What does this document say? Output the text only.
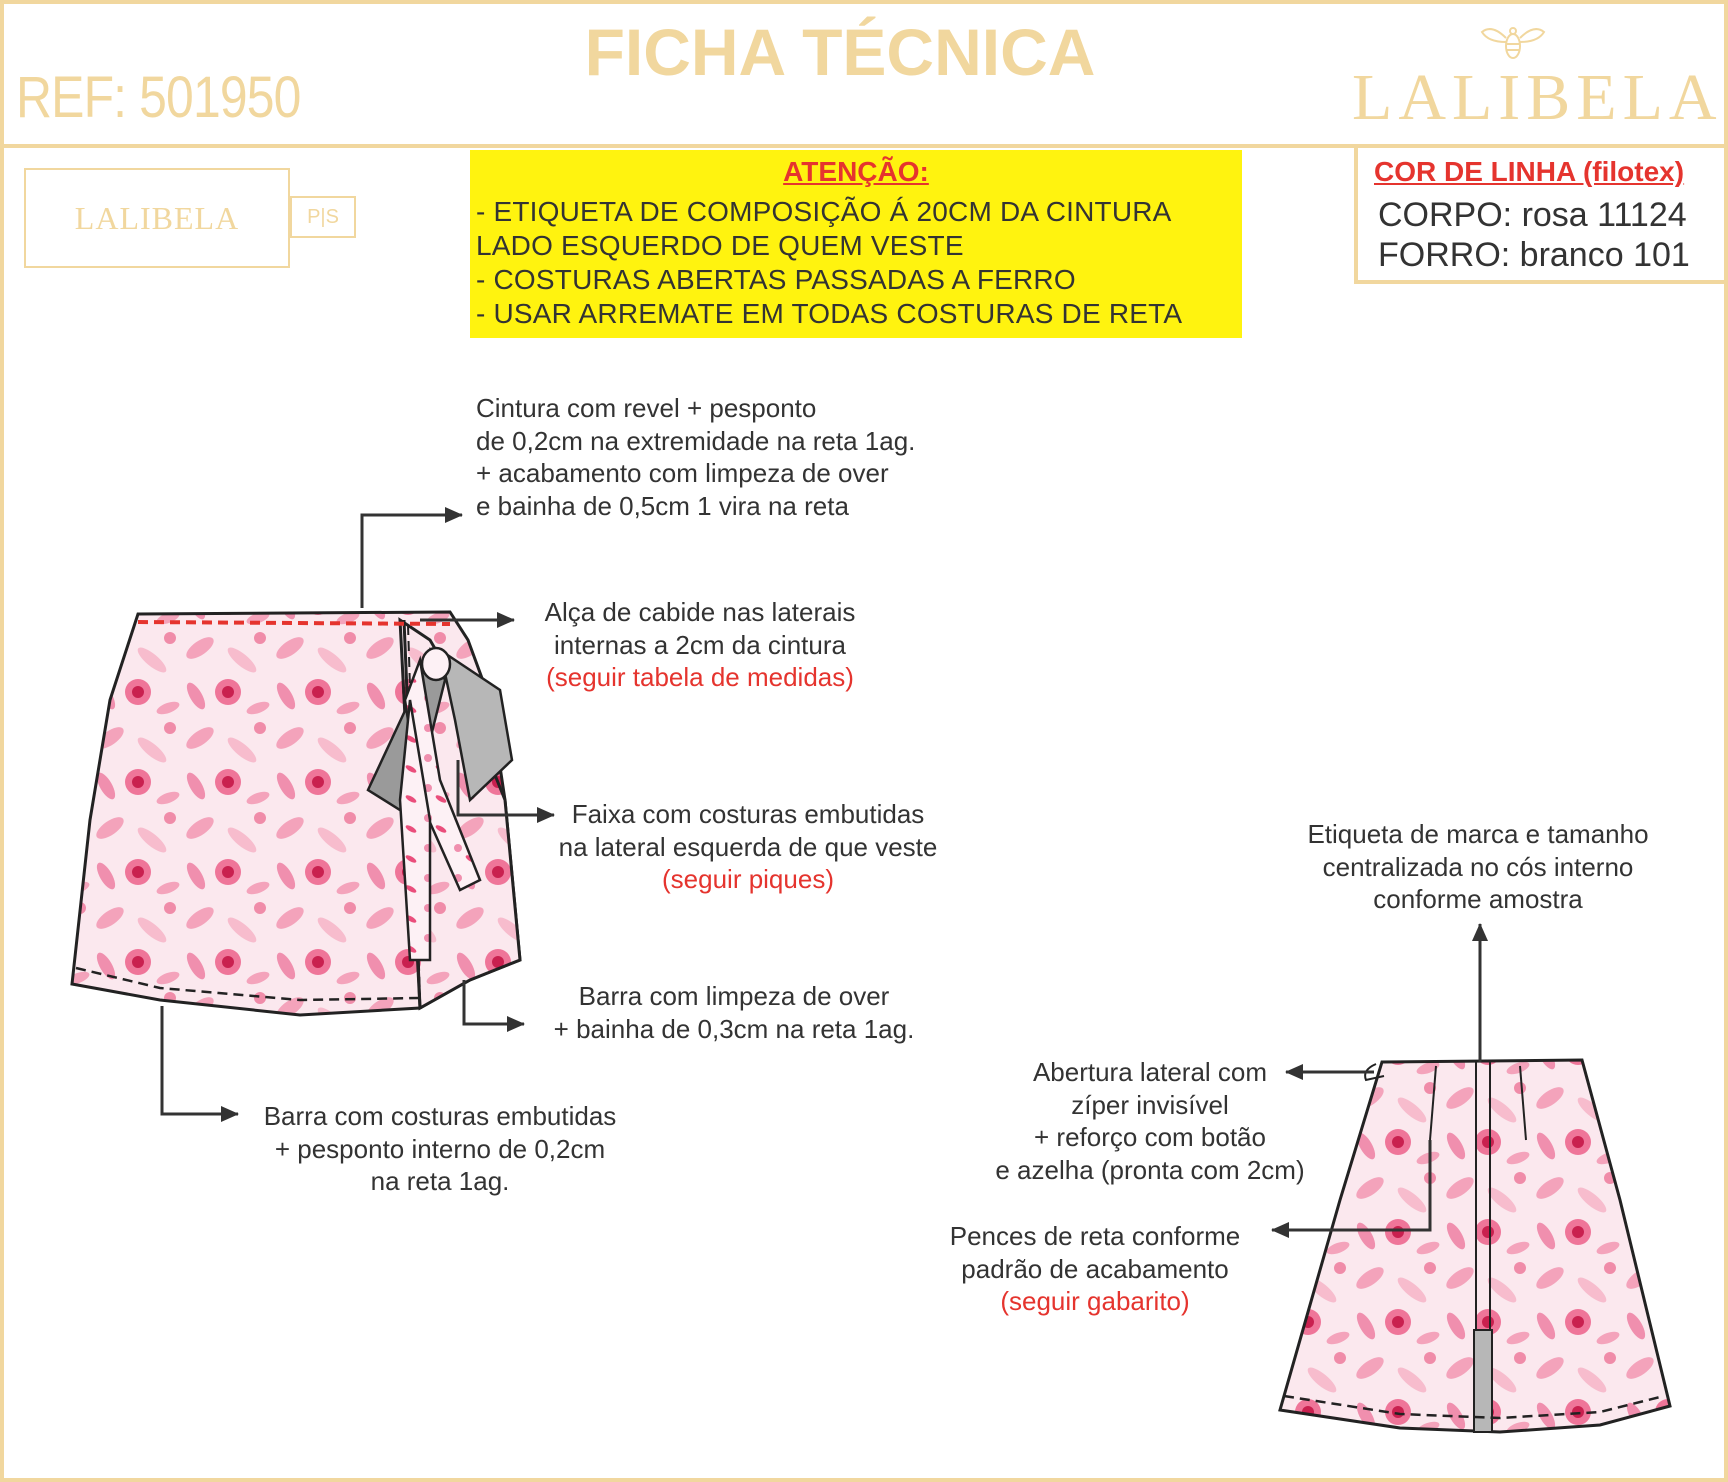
REF: 501950
FICHA TÉCNICA
LALIBELA
LALIBELA	P|S
ATENÇÃO:
- ETIQUETA DE COMPOSIÇÃO Á 20CM DA CINTURA
LADO ESQUERDO DE QUEM VESTE
- COSTURAS ABERTAS PASSADAS A FERRO
- USAR ARREMATE EM TODAS COSTURAS DE RETA
COR DE LINHA (filotex)
CORPO: rosa 11124
FORRO: branco 101
Cintura com revel + pesponto
de 0,2cm na extremidade na reta 1ag.
+ acabamento com limpeza de over
e bainha de 0,5cm 1 vira na reta
Alça de cabide nas laterais
internas a 2cm da cintura
(seguir tabela de medidas)
Faixa com costuras embutidas
na lateral esquerda de que veste
(seguir piques)
Barra com limpeza de over
+ bainha de 0,3cm na reta 1ag.
Barra com costuras embutidas
+ pesponto interno de 0,2cm
na reta 1ag.
Etiqueta de marca e tamanho
centralizada no cós interno
conforme amostra
Abertura lateral com
zíper invisível
+ reforço com botão
e azelha (pronta com 2cm)
Pences de reta conforme
padrão de acabamento
(seguir gabarito)
